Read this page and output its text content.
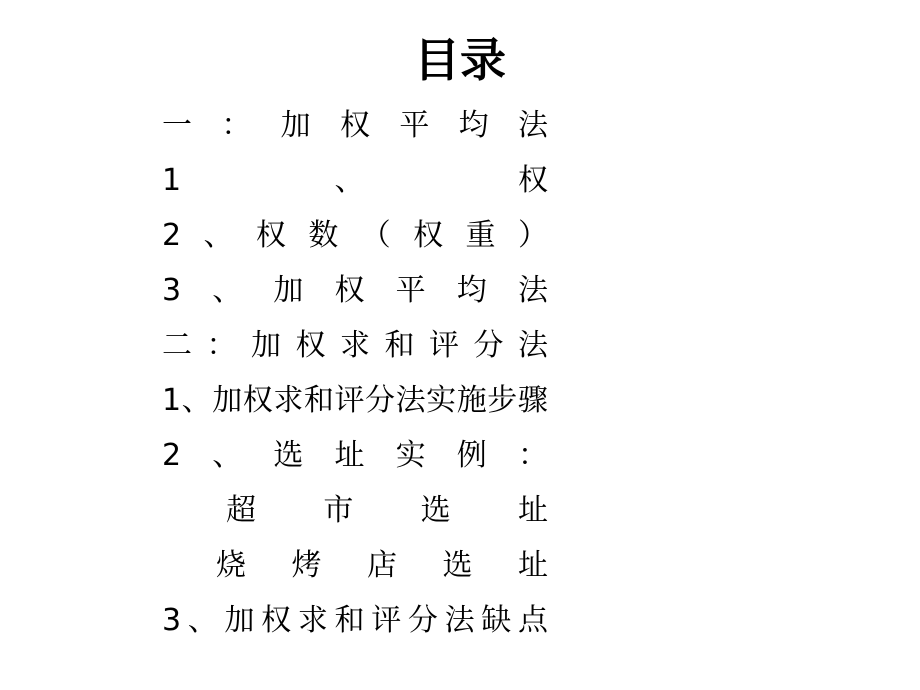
目录
一 ： 加 权 平 均 法
1	、	权
2 、 权 数 （ 权 重 ）
3 、 加 权 平 均 法
二 ： 加 权 求 和 评 分 法
1 、 加 权 求 和 评 分 法 实 施 步 骤
2 、 选 址 实 例 ：
超 市 选 址
烧 烤 店 选 址
3 、 加 权 求 和 评 分 法 缺 点
